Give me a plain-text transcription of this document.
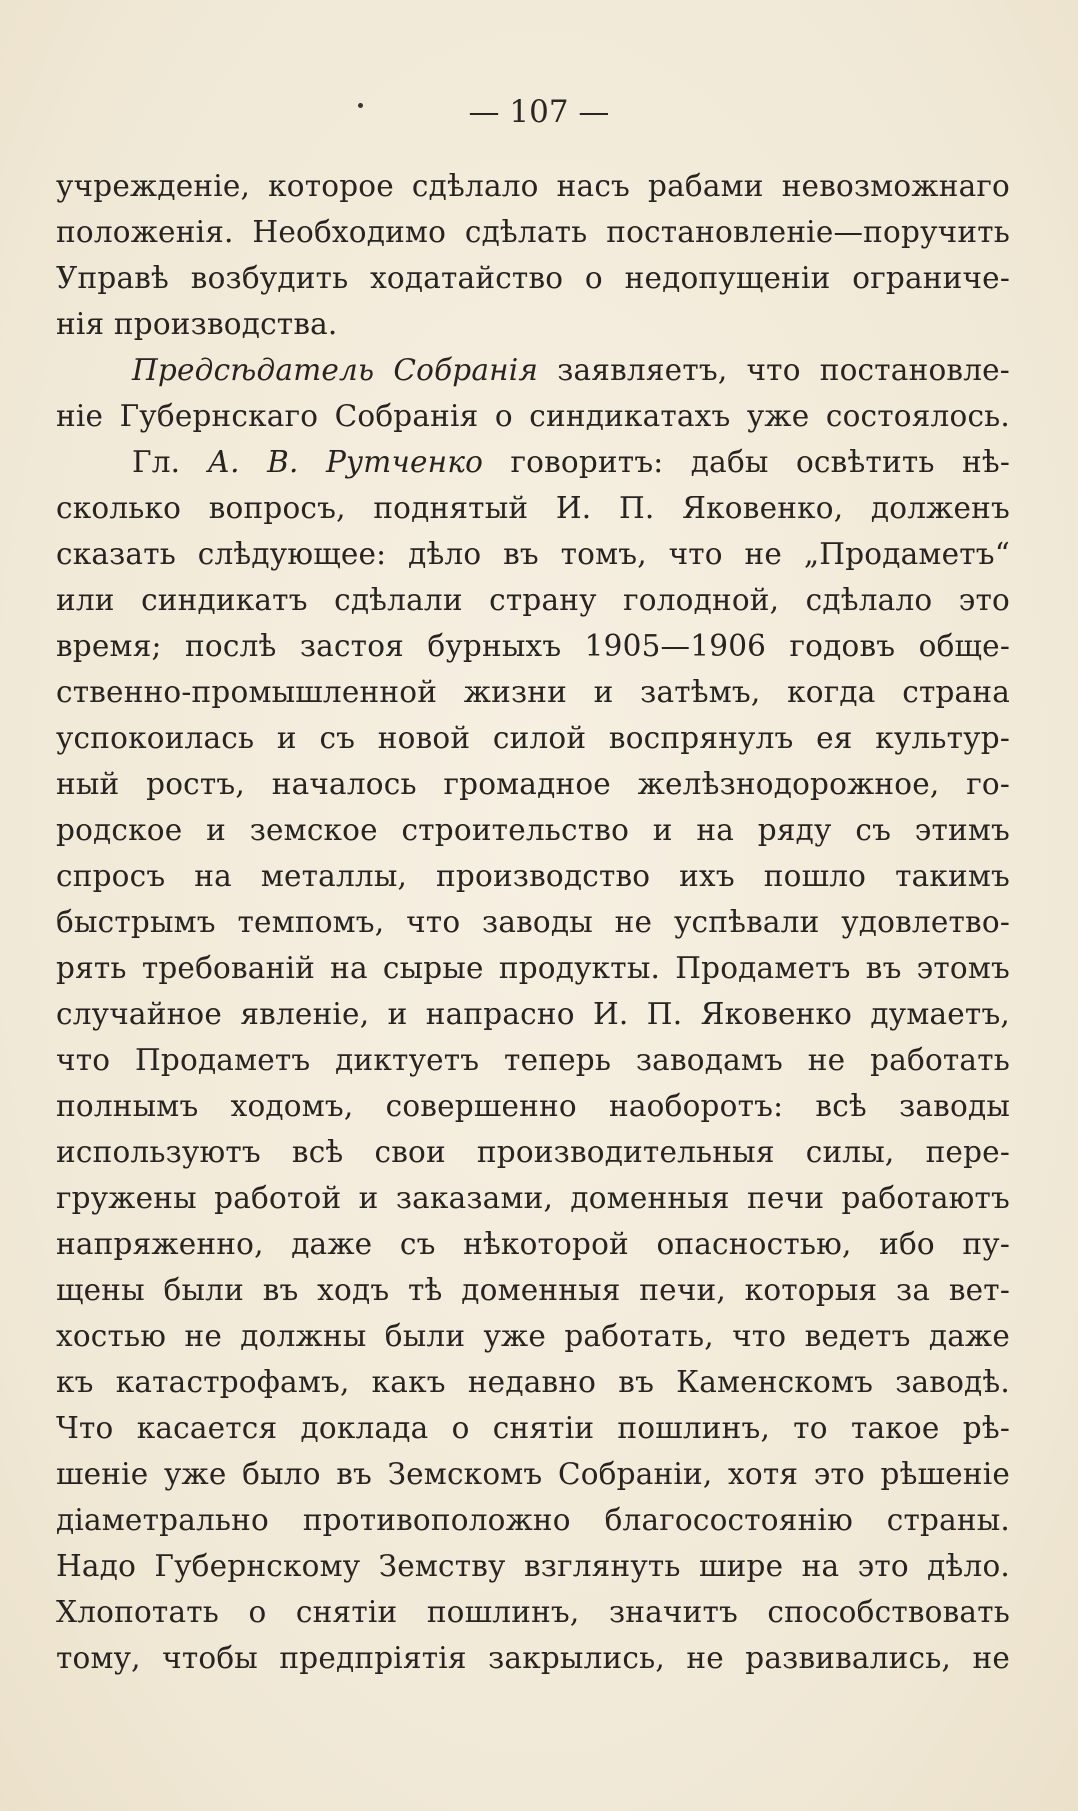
— 107 —
учрежденіе, которое сдѣлало насъ рабами невозможнаго
положенія. Необходимо сдѣлать постановленіе—поручить
Управѣ возбудить ходатайство о недопущеніи ограниче-
нія производства.
Предсѣдатель Собранія заявляетъ, что постановле-
ніе Губернскаго Собранія о синдикатахъ уже состоялось.
Гл. А. В. Рутченко говоритъ: дабы освѣтить нѣ-
сколько вопросъ, поднятый И. П. Яковенко, долженъ
сказать слѣдующее: дѣло въ томъ, что не „Продаметъ“
или синдикатъ сдѣлали страну голодной, сдѣлало это
время; послѣ застоя бурныхъ 1905—1906 годовъ обще-
ственно-промышленной жизни и затѣмъ, когда страна
успокоилась и съ новой силой воспрянулъ ея культур-
ный ростъ, началось громадное желѣзнодорожное, го-
родское и земское строительство и на ряду съ этимъ
спросъ на металлы, производство ихъ пошло такимъ
быстрымъ темпомъ, что заводы не успѣвали удовлетво-
рять требованій на сырые продукты. Продаметъ въ этомъ
случайное явленіе, и напрасно И. П. Яковенко думаетъ,
что Продаметъ диктуетъ теперь заводамъ не работать
полнымъ ходомъ, совершенно наоборотъ: всѣ заводы
используютъ всѣ свои производительныя силы, пере-
гружены работой и заказами, доменныя печи работаютъ
напряженно, даже съ нѣкоторой опасностью, ибо пу-
щены были въ ходъ тѣ доменныя печи, которыя за вет-
хостью не должны были уже работать, что ведетъ даже
къ катастрофамъ, какъ недавно въ Каменскомъ заводѣ.
Что касается доклада о снятіи пошлинъ, то такое рѣ-
шеніе уже было въ Земскомъ Собраніи, хотя это рѣшеніе
діаметрально противоположно благосостоянію страны.
Надо Губернскому Земству взглянуть шире на это дѣло.
Хлопотать о снятіи пошлинъ, значитъ способствовать
тому, чтобы предпріятія закрылись, не развивались, не
